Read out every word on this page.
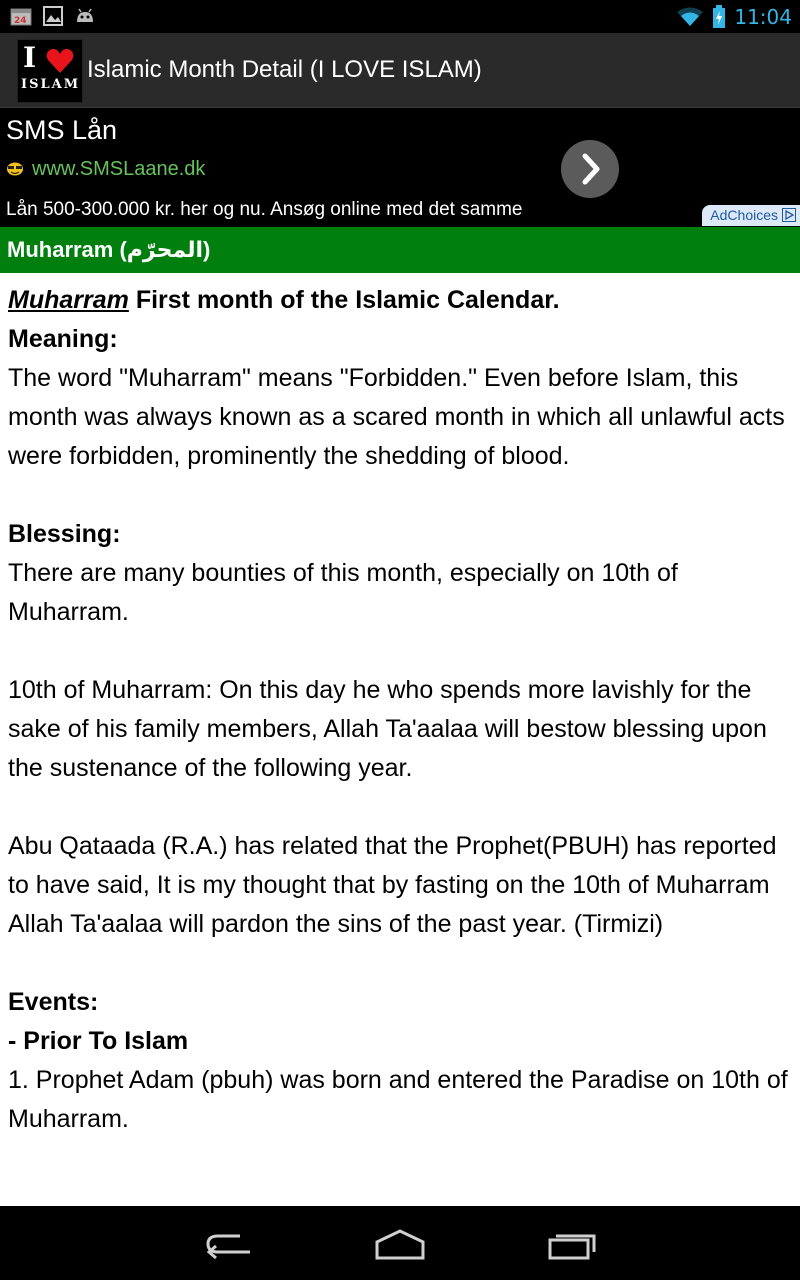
24	11:04
I
ISLAM
Islamic Month Detail (I LOVE ISLAM)
SMS Lån
www.SMSLaane.dk
Lån 500-300.000 kr. her og nu. Ansøg online med det samme	AdChoices
Muharram (المحرّم)

Muharram First month of the Islamic Calendar.

Meaning:

The word "Muharram" means "Forbidden." Even before Islam, this month was always known as a scared month in which all unlawful acts were forbidden, prominently the shedding of blood.

Blessing:

There are many bounties of this month, especially on 10th of Muharram.

10th of Muharram: On this day he who spends more lavishly for the sake of his family members, Allah Ta'aalaa will bestow blessing upon the sustenance of the following year.

Abu Qataada (R.A.) has related that the Prophet(PBUH) has reported to have said, It is my thought that by fasting on the 10th of Muharram Allah Ta'aalaa will pardon the sins of the past year. (Tirmizi)

Events:

- Prior To Islam

1. Prophet Adam (pbuh) was born and entered the Paradise on 10th of Muharram.
